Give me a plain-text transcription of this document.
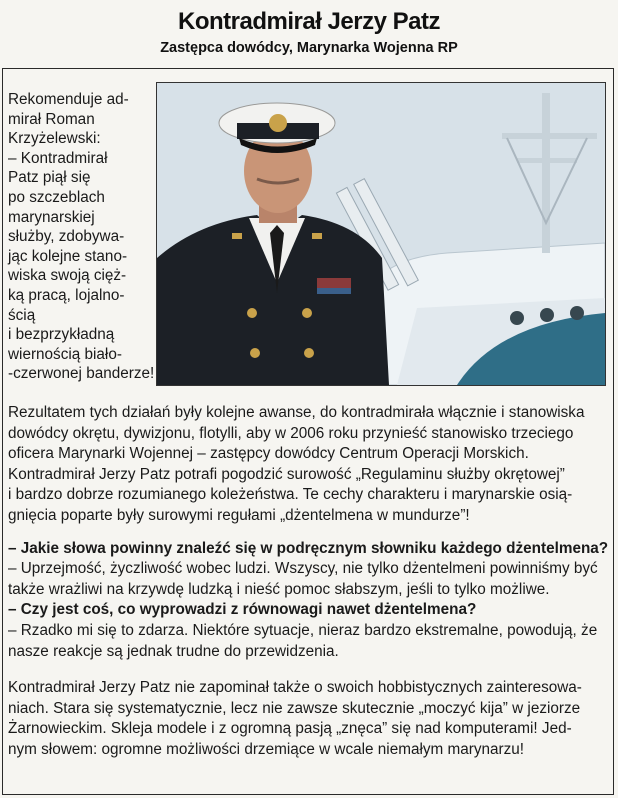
Kontradmirał Jerzy Patz
Zastępca dowódcy, Marynarka Wojenna RP
Rekomenduje ad-
mirał Roman
Krzyżelewski:
– Kontradmirał
Patz piął się
po szczeblach
marynarskiej
służby, zdobywa-
jąc kolejne stano-
wiska swoją cięż-
ką pracą, lojalno-
ścią
i bezprzykładną
wiernością biało-
-czerwonej banderze!
Rezultatem tych działań były kolejne awanse, do kontradmirała włącznie i stanowiska
dowódcy okrętu, dywizjonu, flotylli, aby w 2006 roku przynieść stanowisko trzeciego
oficera Marynarki Wojennej – zastępcy dowódcy Centrum Operacji Morskich.
Kontradmirał Jerzy Patz potrafi pogodzić surowość „Regulaminu służby okrętowej”
i bardzo dobrze rozumianego koleżeństwa. Te cechy charakteru i marynarskie osią-
gnięcia poparte były surowymi regułami „dżentelmena w mundurze”!
– Jakie słowa powinny znaleźć się w podręcznym słowniku każdego dżentelmena?
– Uprzejmość, życzliwość wobec ludzi. Wszyscy, nie tylko dżentelmeni powinniśmy być
także wrażliwi na krzywdę ludzką i nieść pomoc słabszym, jeśli to tylko możliwe.
– Czy jest coś, co wyprowadzi z równowagi nawet dżentelmena?
– Rzadko mi się to zdarza. Niektóre sytuacje, nieraz bardzo ekstremalne, powodują, że
nasze reakcje są jednak trudne do przewidzenia.
Kontradmirał Jerzy Patz nie zapominał także o swoich hobbistycznych zainteresowa-
niach. Stara się systematycznie, lecz nie zawsze skutecznie „moczyć kija” w jeziorze
Żarnowieckim. Skleja modele i z ogromną pasją „znęca” się nad komputerami! Jed-
nym słowem: ogromne możliwości drzemiące w wcale niemałym marynarzu!
